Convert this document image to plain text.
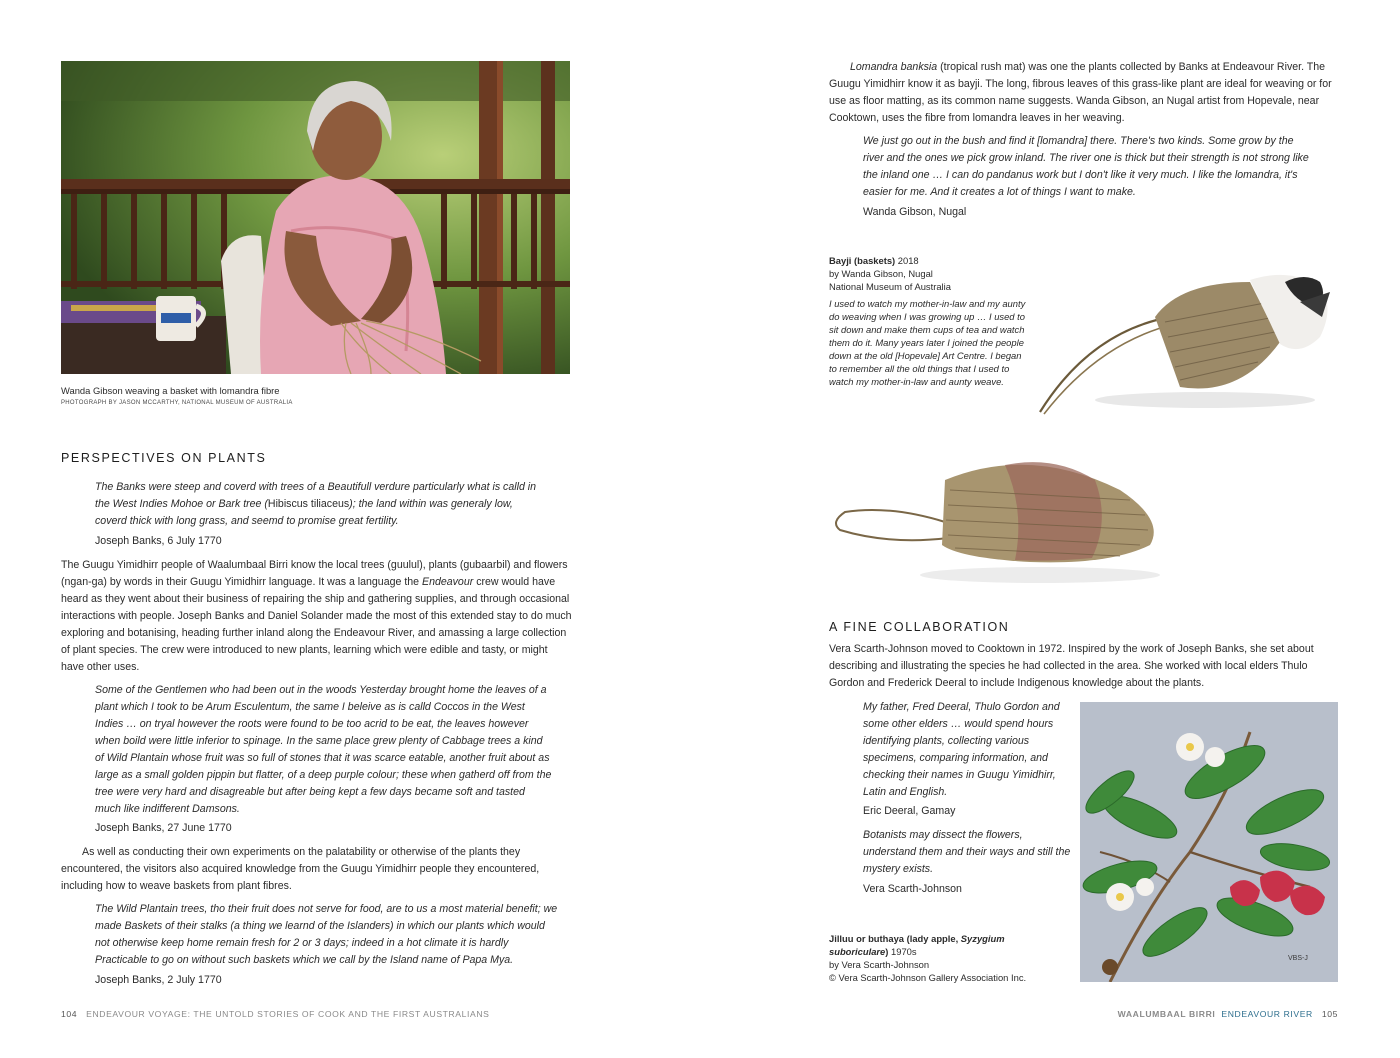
Wanda Gibson weaving a basket with lomandra fibre
PHOTOGRAPH BY JASON MCCARTHY, NATIONAL MUSEUM OF AUSTRALIA
PERSPECTIVES ON PLANTS
The Banks were steep and coverd with trees of a Beautifull verdure particularly what is calld in the West Indies Mohoe or Bark tree (Hibiscus tiliaceus); the land within was generaly low, coverd thick with long grass, and seemd to promise great fertility.
Joseph Banks, 6 July 1770
The Guugu Yimidhirr people of Waalumbaal Birri know the local trees (guulul), plants (gubaarbil) and flowers (ngan-ga) by words in their Guugu Yimidhirr language. It was a language the Endeavour crew would have heard as they went about their business of repairing the ship and gathering supplies, and through occasional interactions with people. Joseph Banks and Daniel Solander made the most of this extended stay to do much exploring and botanising, heading further inland along the Endeavour River, and amassing a large collection of plant species. The crew were introduced to new plants, learning which were edible and tasty, or might have other uses.
Some of the Gentlemen who had been out in the woods Yesterday brought home the leaves of a plant which I took to be Arum Esculentum, the same I beleive as is calld Coccos in the West Indies … on tryal however the roots were found to be too acrid to be eat, the leaves however when boild were little inferior to spinage. In the same place grew plenty of Cabbage trees a kind of Wild Plantain whose fruit was so full of stones that it was scarce eatable, another fruit about as large as a small golden pippin but flatter, of a deep purple colour; these when gatherd off from the tree were very hard and disagreable but after being kept a few days became soft and tasted much like indifferent Damsons.
Joseph Banks, 27 June 1770
As well as conducting their own experiments on the palatability or otherwise of the plants they encountered, the visitors also acquired knowledge from the Guugu Yimidhirr people they encountered, including how to weave baskets from plant fibres.
The Wild Plantain trees, tho their fruit does not serve for food, are to us a most material benefit; we made Baskets of their stalks (a thing we learnd of the Islanders) in which our plants which would not otherwise keep home remain fresh for 2 or 3 days; indeed in a hot climate it is hardly Practicable to go on without such baskets which we call by the Island name of Papa Mya.
Joseph Banks, 2 July 1770
104 ENDEAVOUR VOYAGE: THE UNTOLD STORIES OF COOK AND THE FIRST AUSTRALIANS
Lomandra banksia (tropical rush mat) was one the plants collected by Banks at Endeavour River. The Guugu Yimidhirr know it as bayji. The long, fibrous leaves of this grass-like plant are ideal for weaving or for use as floor matting, as its common name suggests. Wanda Gibson, an Nugal artist from Hopevale, near Cooktown, uses the fibre from lomandra leaves in her weaving.
We just go out in the bush and find it [lomandra] there. There's two kinds. Some grow by the river and the ones we pick grow inland. The river one is thick but their strength is not strong like the inland one … I can do pandanus work but I don't like it very much. I like the lomandra, it's easier for me. And it creates a lot of things I want to make.
Wanda Gibson, Nugal
Bayji (baskets) 2018
by Wanda Gibson, Nugal
National Museum of Australia
I used to watch my mother-in-law and my aunty do weaving when I was growing up … I used to sit down and make them cups of tea and watch them do it. Many years later I joined the people down at the old [Hopevale] Art Centre. I began to remember all the old things that I used to watch my mother-in-law and aunty weave.
A FINE COLLABORATION
Vera Scarth-Johnson moved to Cooktown in 1972. Inspired by the work of Joseph Banks, she set about describing and illustrating the species he had collected in the area. She worked with local elders Thulo Gordon and Frederick Deeral to include Indigenous knowledge about the plants.
My father, Fred Deeral, Thulo Gordon and some other elders … would spend hours identifying plants, collecting various specimens, comparing information, and checking their names in Guugu Yimidhirr, Latin and English.
Eric Deeral, Gamay
Botanists may dissect the flowers, understand them and their ways and still the mystery exists.
Vera Scarth-Johnson
VBS-J
Jilluu or buthaya (lady apple, Syzygium
suboriculare) 1970s
by Vera Scarth-Johnson
© Vera Scarth-Johnson Gallery Association Inc.
WAALUMBAAL BIRRI ENDEAVOUR RIVER 105
